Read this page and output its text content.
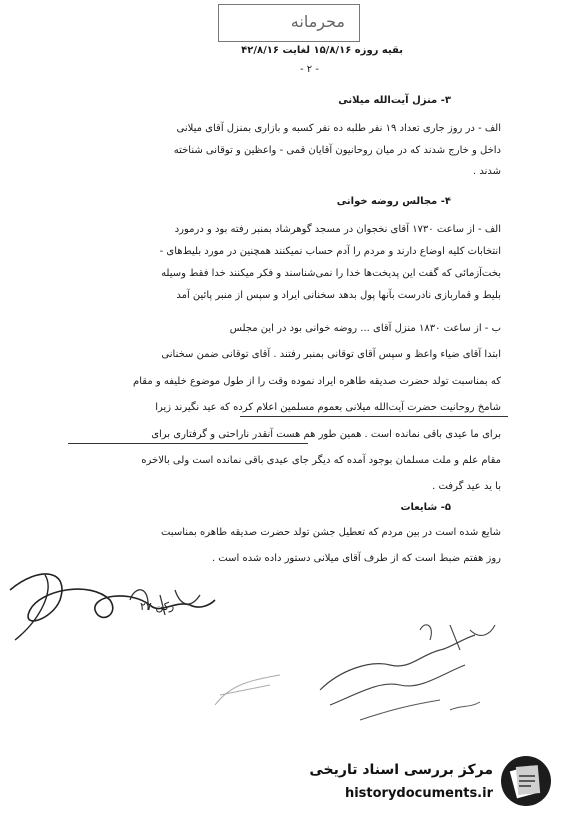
محرمانه
بقیه روزه ۱۵/۸/۱۶ لغایت ۴۲/۸/۱۶
- ۲ -
۳- منزل آیت‌الله میلانی
الف - در روز جاری تعداد ۱۹ نفر طلبه ده نفر کسبه و بازاری بمنزل آقای میلانی
داخل و خارج شدند که در میان روحانیون آقایان قمی - واعظین و توقانی شناخته
شدند .
۴- مجالس روضه خوانی
الف - از ساعت ۱۷۳۰ آقای نخجوان در مسجد گوهرشاد بمنبر رفته بود و درمورد
انتخابات کلیه اوضاع دارند و مردم را آدم حساب نمیکنند همچنین در مورد بلیط‌های -
بخت‌آزمائی که گفت این پدیخت‌ها خدا را نمی‌شناسند و فکر میکنند خدا فقط وسیله
بلیط و قماربازی نادرست بآنها پول بدهد سخنانی ایراد و سپس از منبر پائین آمد
ب - از ساعت ۱۸۳۰ منزل آقای ... روضه خوانی بود در این مجلس
ابتدا آقای ضیاء واعظ و سپس آقای توقانی بمنبر رفتند . آقای توقانی ضمن سخنانی
که بمناسبت تولد حضرت صدیقه طاهره ایراد نموده وقت را از طول موضوع خلیفه و مقام
شامخ روحانیت حضرت آیت‌الله میلانی بعموم مسلمین اعلام کرده که عید نگیرند زیرا
برای ما عیدی باقی نمانده است . همین طور هم هست آنقدر ناراحتی و گرفتاری برای
مقام علم و ملت مسلمان بوجود آمده که دیگر جای عیدی باقی نمانده است ولی بالاخره
با ید عید گرفت .
۵- شایعات
شایع شده است در بین مردم که تعطیل جشن تولد حضرت صدیقه طاهره بمناسبت
روز هفتم ضبط است که از طرف آقای میلانی دستور داده شده است .
رکن ۲۷
مرکز بررسی اسناد تاریخی
historydocuments.ir
